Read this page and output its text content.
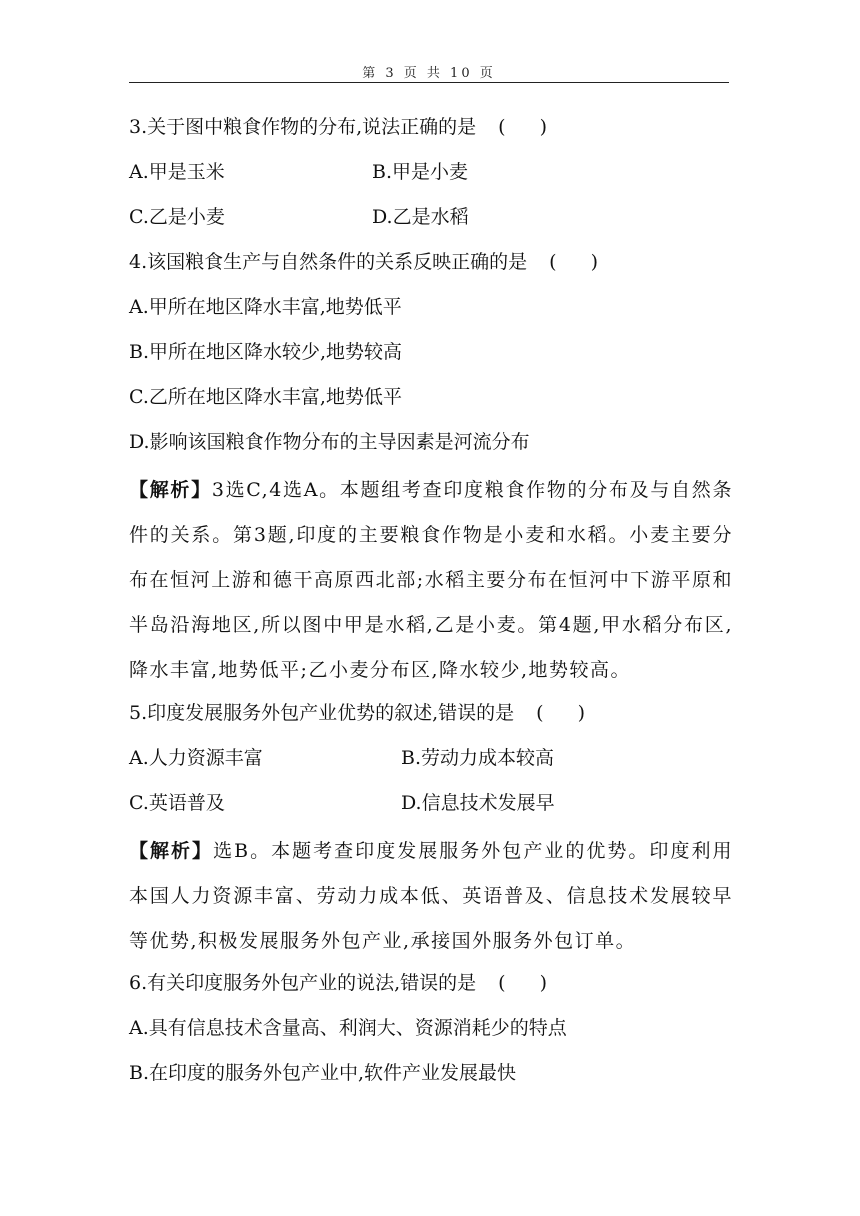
第 3 页 共 10 页
3.关于图中粮食作物的分布,说法正确的是 ( )
A.甲是玉米	B.甲是小麦
C.乙是小麦	D.乙是水稻
4.该国粮食生产与自然条件的关系反映正确的是 ( )
A.甲所在地区降水丰富,地势低平
B.甲所在地区降水较少,地势较高
C.乙所在地区降水丰富,地势低平
D.影响该国粮食作物分布的主导因素是河流分布
【解析】3选C,4选A。本题组考查印度粮食作物的分布及与自然条件的关系。第3题,印度的主要粮食作物是小麦和水稻。小麦主要分布在恒河上游和德干高原西北部;水稻主要分布在恒河中下游平原和半岛沿海地区,所以图中甲是水稻,乙是小麦。第4题,甲水稻分布区,降水丰富,地势低平;乙小麦分布区,降水较少,地势较高。
5.印度发展服务外包产业优势的叙述,错误的是 ( )
A.人力资源丰富	B.劳动力成本较高
C.英语普及	D.信息技术发展早
【解析】选B。本题考查印度发展服务外包产业的优势。印度利用本国人力资源丰富、劳动力成本低、英语普及、信息技术发展较早等优势,积极发展服务外包产业,承接国外服务外包订单。
6.有关印度服务外包产业的说法,错误的是 ( )
A.具有信息技术含量高、利润大、资源消耗少的特点
B.在印度的服务外包产业中,软件产业发展最快
